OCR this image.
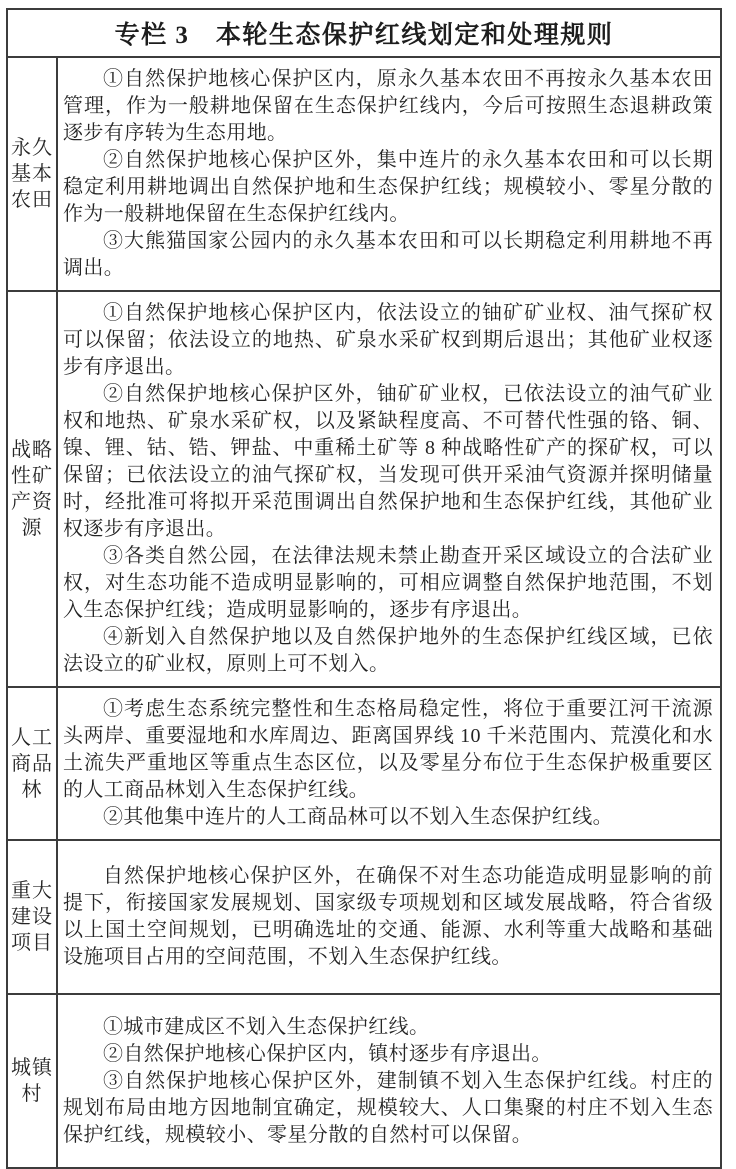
专栏 3　本轮生态保护红线划定和处理规则
永久基本农田

①自然保护地核心保护区内，原永久基本农田不再按永久基本农田管理，作为一般耕地保留在生态保护红线内，今后可按照生态退耕政策逐步有序转为生态用地。

②自然保护地核心保护区外，集中连片的永久基本农田和可以长期稳定利用耕地调出自然保护地和生态保护红线；规模较小、零星分散的作为一般耕地保留在生态保护红线内。

③大熊猫国家公园内的永久基本农田和可以长期稳定利用耕地不再调出。

战略性矿产资源

①自然保护地核心保护区内，依法设立的铀矿矿业权、油气探矿权可以保留；依法设立的地热、矿泉水采矿权到期后退出；其他矿业权逐步有序退出。

②自然保护地核心保护区外，铀矿矿业权，已依法设立的油气矿业权和地热、矿泉水采矿权，以及紧缺程度高、不可替代性强的铬、铜、镍、锂、钴、锆、钾盐、中重稀土矿等 8 种战略性矿产的探矿权，可以保留；已依法设立的油气探矿权，当发现可供开采油气资源并探明储量时，经批准可将拟开采范围调出自然保护地和生态保护红线，其他矿业权逐步有序退出。

③各类自然公园，在法律法规未禁止勘查开采区域设立的合法矿业权，对生态功能不造成明显影响的，可相应调整自然保护地范围，不划入生态保护红线；造成明显影响的，逐步有序退出。

④新划入自然保护地以及自然保护地外的生态保护红线区域，已依法设立的矿业权，原则上可不划入。

人工商品林

①考虑生态系统完整性和生态格局稳定性，将位于重要江河干流源头两岸、重要湿地和水库周边、距离国界线 10 千米范围内、荒漠化和水土流失严重地区等重点生态区位，以及零星分布位于生态保护极重要区的人工商品林划入生态保护红线。

②其他集中连片的人工商品林可以不划入生态保护红线。

重大建设项目

自然保护地核心保护区外，在确保不对生态功能造成明显影响的前提下，衔接国家发展规划、国家级专项规划和区域发展战略，符合省级以上国土空间规划，已明确选址的交通、能源、水利等重大战略和基础设施项目占用的空间范围，不划入生态保护红线。

城镇村

①城市建成区不划入生态保护红线。

②自然保护地核心保护区内，镇村逐步有序退出。

③自然保护地核心保护区外，建制镇不划入生态保护红线。村庄的规划布局由地方因地制宜确定，规模较大、人口集聚的村庄不划入生态保护红线，规模较小、零星分散的自然村可以保留。
